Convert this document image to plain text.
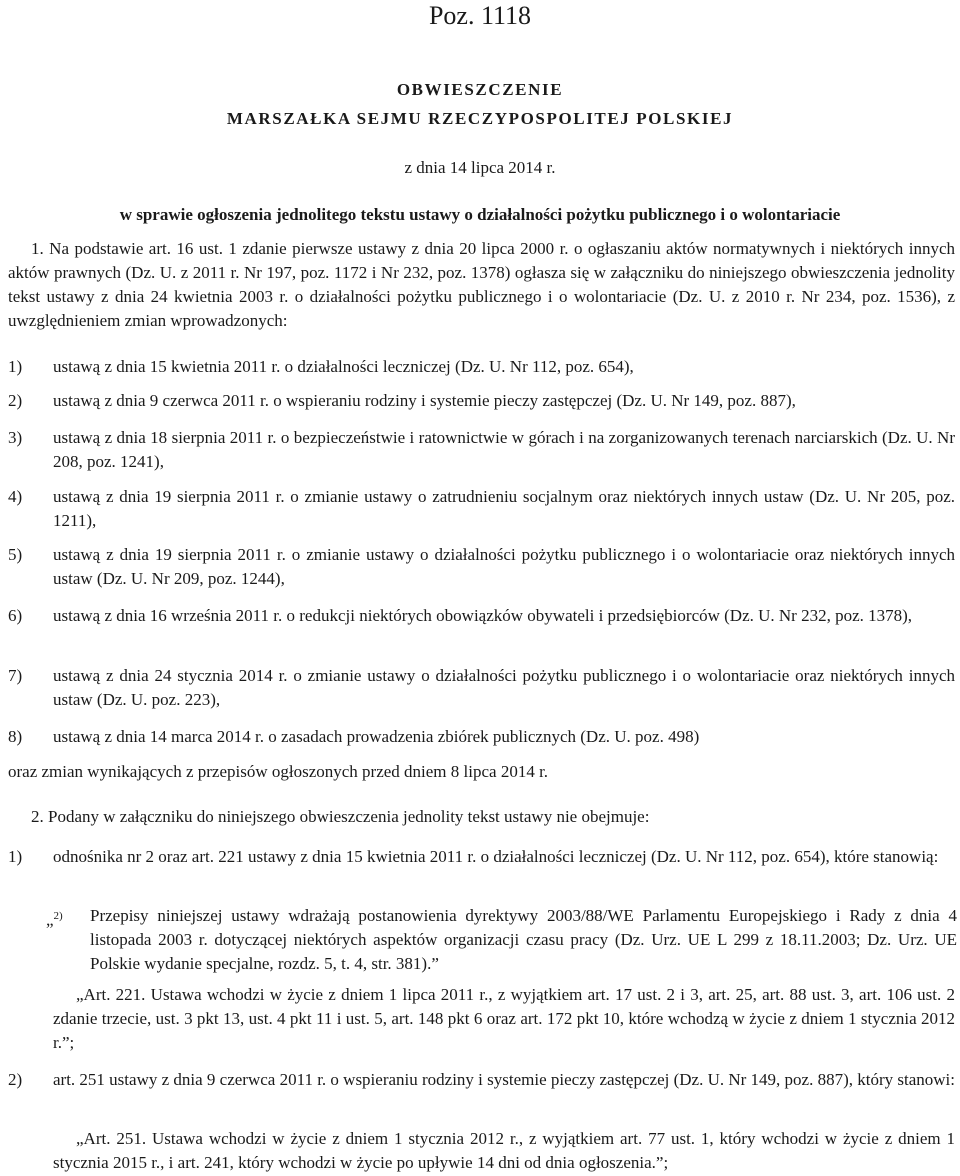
Poz. 1118
OBWIESZCZENIE
MARSZAŁKA SEJMU RZECZYPOSPOLITEJ POLSKIEJ
z dnia 14 lipca 2014 r.
w sprawie ogłoszenia jednolitego tekstu ustawy o działalności pożytku publicznego i o wolontariacie
1. Na podstawie art. 16 ust. 1 zdanie pierwsze ustawy z dnia 20 lipca 2000 r. o ogłaszaniu aktów normatywnych i niektórych innych aktów prawnych (Dz. U. z 2011 r. Nr 197, poz. 1172 i Nr 232, poz. 1378) ogłasza się w załączniku do niniejszego obwieszczenia jednolity tekst ustawy z dnia 24 kwietnia 2003 r. o działalności pożytku publicznego i o wolontariacie (Dz. U. z 2010 r. Nr 234, poz. 1536), z uwzględnieniem zmian wprowadzonych:
1) ustawą z dnia 15 kwietnia 2011 r. o działalności leczniczej (Dz. U. Nr 112, poz. 654),
2) ustawą z dnia 9 czerwca 2011 r. o wspieraniu rodziny i systemie pieczy zastępczej (Dz. U. Nr 149, poz. 887),
3) ustawą z dnia 18 sierpnia 2011 r. o bezpieczeństwie i ratownictwie w górach i na zorganizowanych terenach narciarskich (Dz. U. Nr 208, poz. 1241),
4) ustawą z dnia 19 sierpnia 2011 r. o zmianie ustawy o zatrudnieniu socjalnym oraz niektórych innych ustaw (Dz. U. Nr 205, poz. 1211),
5) ustawą z dnia 19 sierpnia 2011 r. o zmianie ustawy o działalności pożytku publicznego i o wolontariacie oraz niektórych innych ustaw (Dz. U. Nr 209, poz. 1244),
6) ustawą z dnia 16 września 2011 r. o redukcji niektórych obowiązków obywateli i przedsiębiorców (Dz. U. Nr 232, poz. 1378),
7) ustawą z dnia 24 stycznia 2014 r. o zmianie ustawy o działalności pożytku publicznego i o wolontariacie oraz niektórych innych ustaw (Dz. U. poz. 223),
8) ustawą z dnia 14 marca 2014 r. o zasadach prowadzenia zbiórek publicznych (Dz. U. poz. 498)
oraz zmian wynikających z przepisów ogłoszonych przed dniem 8 lipca 2014 r.
2. Podany w załączniku do niniejszego obwieszczenia jednolity tekst ustawy nie obejmuje:
1) odnośnika nr 2 oraz art. 221 ustawy z dnia 15 kwietnia 2011 r. o działalności leczniczej (Dz. U. Nr 112, poz. 654), które stanowią:
„$^{2)}$ Przepisy niniejszej ustawy wdrażają postanowienia dyrektywy 2003/88/WE Parlamentu Europejskiego i Rady z dnia 4 listopada 2003 r. dotyczącej niektórych aspektów organizacji czasu pracy (Dz. Urz. UE L 299 z 18.11.2003; Dz. Urz. UE Polskie wydanie specjalne, rozdz. 5, t. 4, str. 381).”
„Art. 221. Ustawa wchodzi w życie z dniem 1 lipca 2011 r., z wyjątkiem art. 17 ust. 2 i 3, art. 25, art. 88 ust. 3, art. 106 ust. 2 zdanie trzecie, ust. 3 pkt 13, ust. 4 pkt 11 i ust. 5, art. 148 pkt 6 oraz art. 172 pkt 10, które wchodzą w życie z dniem 1 stycznia 2012 r.”;
2) art. 251 ustawy z dnia 9 czerwca 2011 r. o wspieraniu rodziny i systemie pieczy zastępczej (Dz. U. Nr 149, poz. 887), który stanowi:
„Art. 251. Ustawa wchodzi w życie z dniem 1 stycznia 2012 r., z wyjątkiem art. 77 ust. 1, który wchodzi w życie z dniem 1 stycznia 2015 r., i art. 241, który wchodzi w życie po upływie 14 dni od dnia ogłoszenia.”;
